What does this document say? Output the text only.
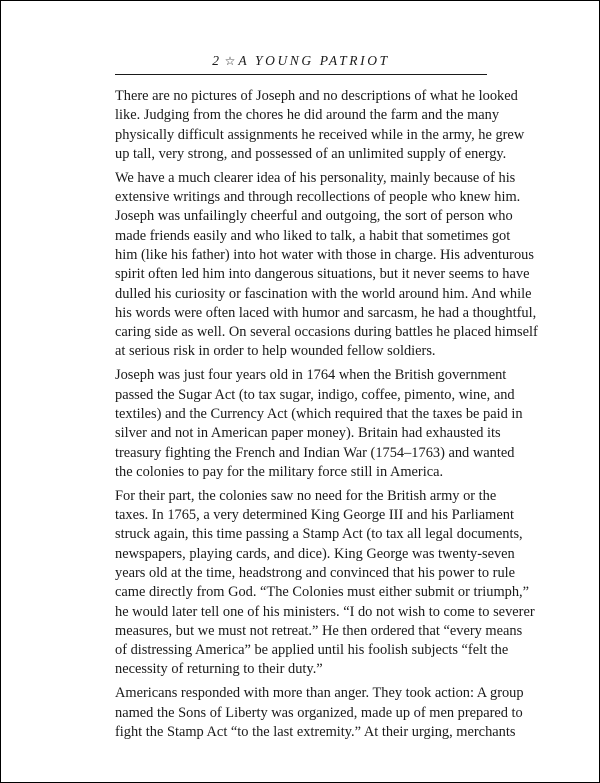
2 ☆ A YOUNG PATRIOT

There are no pictures of Joseph and no descriptions of what he looked
like. Judging from the chores he did around the farm and the many
physically difficult assignments he received while in the army, he grew
up tall, very strong, and possessed of an unlimited supply of energy.

We have a much clearer idea of his personality, mainly because of his
extensive writings and through recollections of people who knew him.
Joseph was unfailingly cheerful and outgoing, the sort of person who
made friends easily and who liked to talk, a habit that sometimes got
him (like his father) into hot water with those in charge. His adventurous
spirit often led him into dangerous situations, but it never seems to have
dulled his curiosity or fascination with the world around him. And while
his words were often laced with humor and sarcasm, he had a thoughtful,
caring side as well. On several occasions during battles he placed himself
at serious risk in order to help wounded fellow soldiers.

Joseph was just four years old in 1764 when the British government
passed the Sugar Act (to tax sugar, indigo, coffee, pimento, wine, and
textiles) and the Currency Act (which required that the taxes be paid in
silver and not in American paper money). Britain had exhausted its
treasury fighting the French and Indian War (1754–1763) and wanted
the colonies to pay for the military force still in America.

For their part, the colonies saw no need for the British army or the
taxes. In 1765, a very determined King George III and his Parliament
struck again, this time passing a Stamp Act (to tax all legal documents,
newspapers, playing cards, and dice). King George was twenty-seven
years old at the time, headstrong and convinced that his power to rule
came directly from God. “The Colonies must either submit or triumph,”
he would later tell one of his ministers. “I do not wish to come to severer
measures, but we must not retreat.” He then ordered that “every means
of distressing America” be applied until his foolish subjects “felt the
necessity of returning to their duty.”

Americans responded with more than anger. They took action: A group
named the Sons of Liberty was organized, made up of men prepared to
fight the Stamp Act “to the last extremity.” At their urging, merchants
